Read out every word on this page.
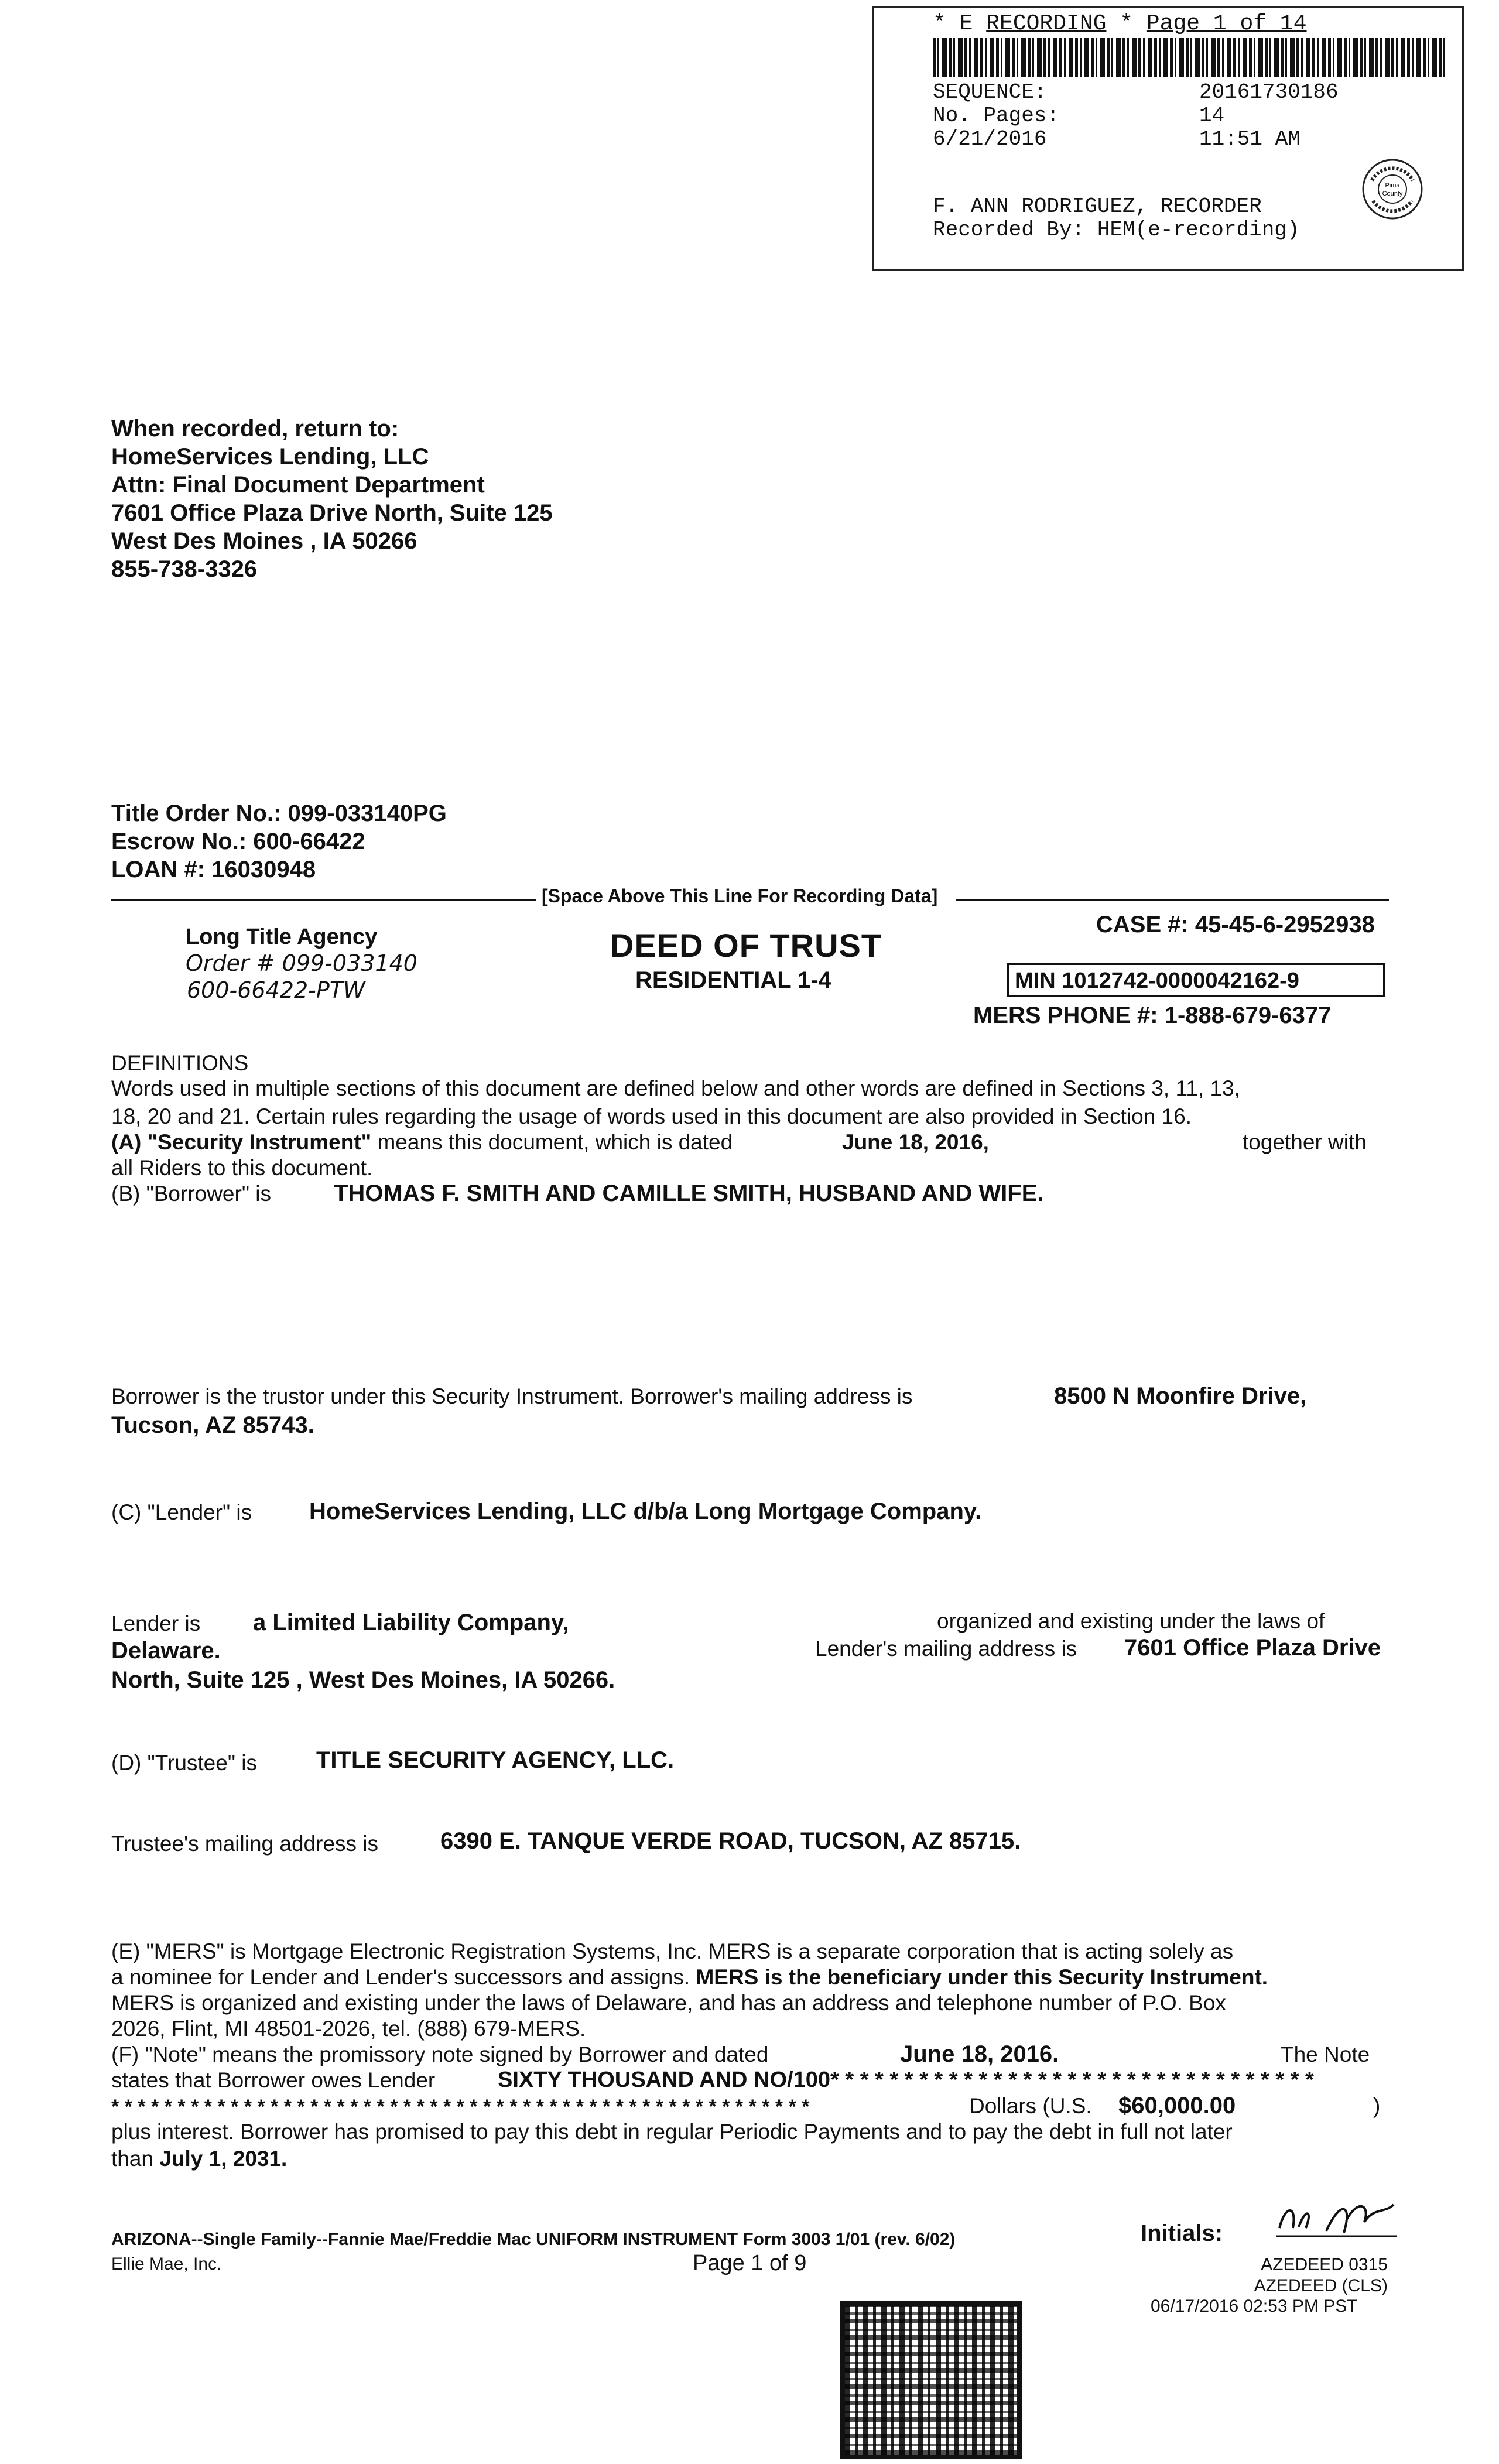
* E RECORDING * Page 1 of 14
SEQUENCE:	20161730186
No. Pages:	14
6/21/2016	11:51 AM
F. ANN RODRIGUEZ, RECORDER
Recorded By: HEM(e-recording)
Pima
County
When recorded, return to:
HomeServices Lending, LLC
Attn: Final Document Department
7601 Office Plaza Drive North, Suite 125
West Des Moines , IA 50266
855-738-3326
Title Order No.: 099-033140PG
Escrow No.: 600-66422
LOAN #: 16030948
[Space Above This Line For Recording Data]
Long Title Agency
Order # 099-033140
600-66422-PTW
DEED OF TRUST
RESIDENTIAL 1-4
CASE #: 45-45-6-2952938
MIN 1012742-0000042162-9
MERS PHONE #: 1-888-679-6377
DEFINITIONS
Words used in multiple sections of this document are defined below and other words are defined in Sections 3, 11, 13,
18, 20 and 21. Certain rules regarding the usage of words used in this document are also provided in Section 16.
(A) "Security Instrument" means this document, which is dated	June 18, 2016,	together with
all Riders to this document.
(B) "Borrower" is	THOMAS F. SMITH AND CAMILLE SMITH, HUSBAND AND WIFE.
Borrower is the trustor under this Security Instrument. Borrower's mailing address is	8500 N Moonfire Drive,
Tucson, AZ 85743.
(C) "Lender" is HomeServices Lending, LLC d/b/a Long Mortgage Company.
Lender is a Limited Liability Company,	organized and existing under the laws of
Delaware.	Lender's mailing address is 7601 Office Plaza Drive
North, Suite 125 , West Des Moines, IA 50266.
(D) "Trustee" is	TITLE SECURITY AGENCY, LLC.
Trustee's mailing address is	6390 E. TANQUE VERDE ROAD, TUCSON, AZ 85715.
(E) "MERS" is Mortgage Electronic Registration Systems, Inc. MERS is a separate corporation that is acting solely as
a nominee for Lender and Lender's successors and assigns. MERS is the beneficiary under this Security Instrument.
MERS is organized and existing under the laws of Delaware, and has an address and telephone number of P.O. Box
2026, Flint, MI 48501-2026, tel. (888) 679-MERS.
(F) "Note" means the promissory note signed by Borrower and dated	June 18, 2016.	The Note
states that Borrower owes Lender	SIXTY THOUSAND AND NO/100* * * * * * * * * * * * * * * * * * * * * * * * * * * * * * * * *
* * * * * * * * * * * * * * * * * * * * * * * * * * * * * * * * * * * * * * * * * * * * * * * * * * * * *	Dollars (U.S. $60,000.00	)
plus interest. Borrower has promised to pay this debt in regular Periodic Payments and to pay the debt in full not later
than July 1, 2031.
ARIZONA--Single Family--Fannie Mae/Freddie Mac UNIFORM INSTRUMENT Form 3003 1/01 (rev. 6/02)
Ellie Mae, Inc.	Page 1 of 9
Initials:
AZEDEED 0315
AZEDEED (CLS)
06/17/2016 02:53 PM PST
